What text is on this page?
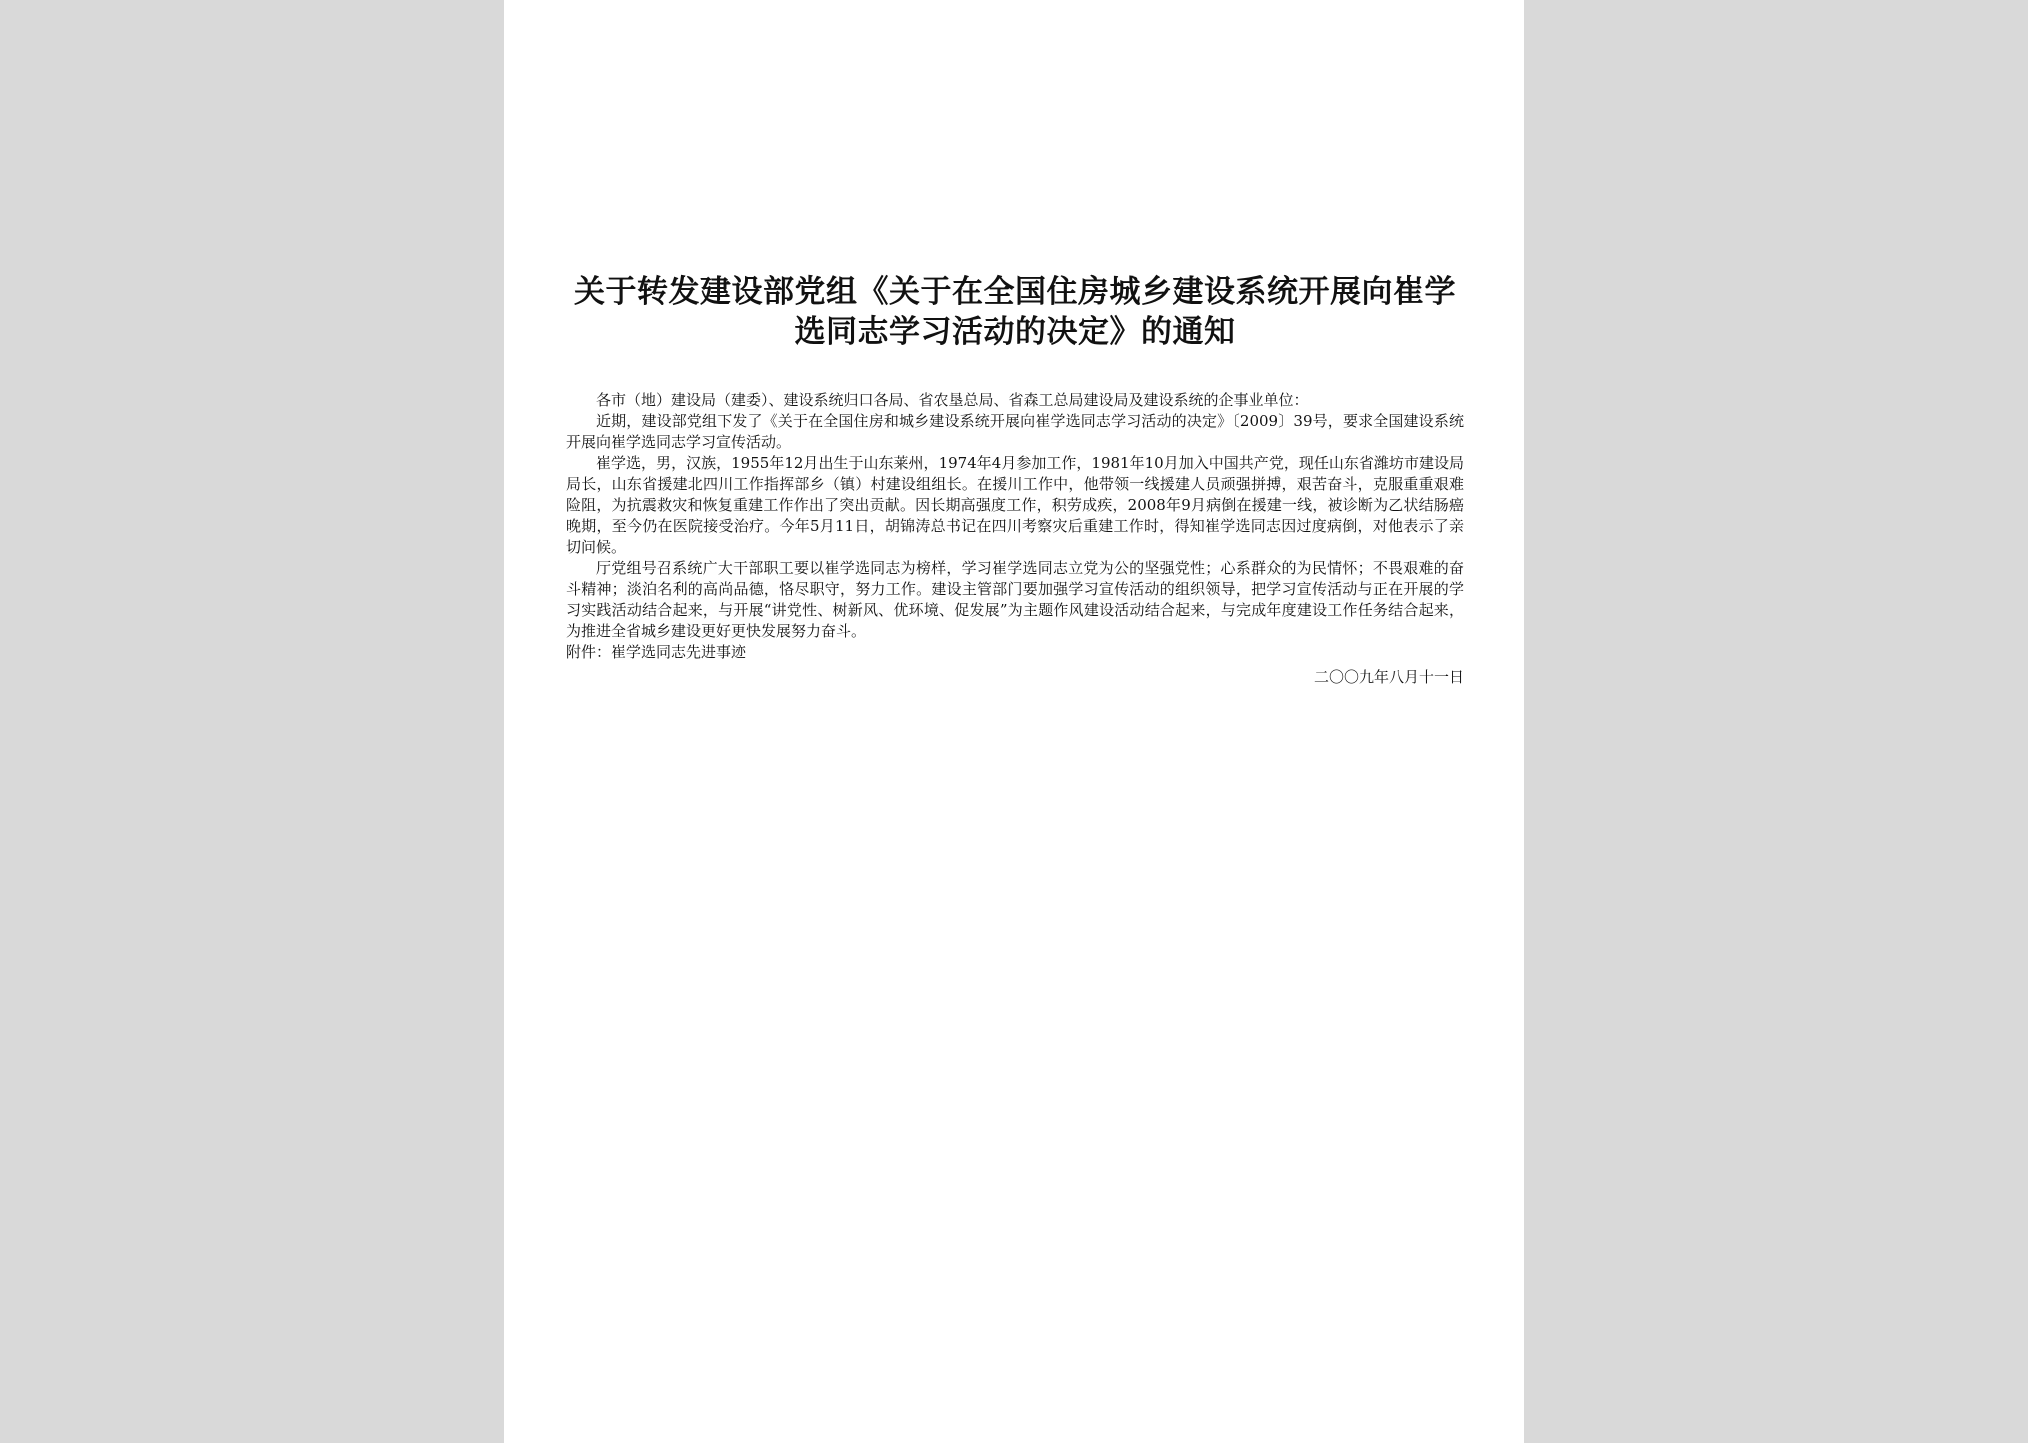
关于转发建设部党组《关于在全国住房城乡建设系统开展向崔学选同志学习活动的决定》的通知

各市（地）建设局（建委）、建设系统归口各局、省农垦总局、省森工总局建设局及建设系统的企事业单位：

近期，建设部党组下发了《关于在全国住房和城乡建设系统开展向崔学选同志学习活动的决定》〔2009〕39号，要求全国建设系统开展向崔学选同志学习宣传活动。

崔学选，男，汉族，1955年12月出生于山东莱州，1974年4月参加工作，1981年10月加入中国共产党，现任山东省潍坊市建设局局长，山东省援建北四川工作指挥部乡（镇）村建设组组长。在援川工作中，他带领一线援建人员顽强拼搏，艰苦奋斗，克服重重艰难险阻，为抗震救灾和恢复重建工作作出了突出贡献。因长期高强度工作，积劳成疾，2008年9月病倒在援建一线，被诊断为乙状结肠癌晚期，至今仍在医院接受治疗。今年5月11日，胡锦涛总书记在四川考察灾后重建工作时，得知崔学选同志因过度病倒，对他表示了亲切问候。

厅党组号召系统广大干部职工要以崔学选同志为榜样，学习崔学选同志立党为公的坚强党性；心系群众的为民情怀；不畏艰难的奋斗精神；淡泊名利的高尚品德，恪尽职守，努力工作。建设主管部门要加强学习宣传活动的组织领导，把学习宣传活动与正在开展的学习实践活动结合起来，与开展“讲党性、树新风、优环境、促发展”为主题作风建设活动结合起来，与完成年度建设工作任务结合起来，为推进全省城乡建设更好更快发展努力奋斗。

附件：崔学选同志先进事迹

二〇〇九年八月十一日
